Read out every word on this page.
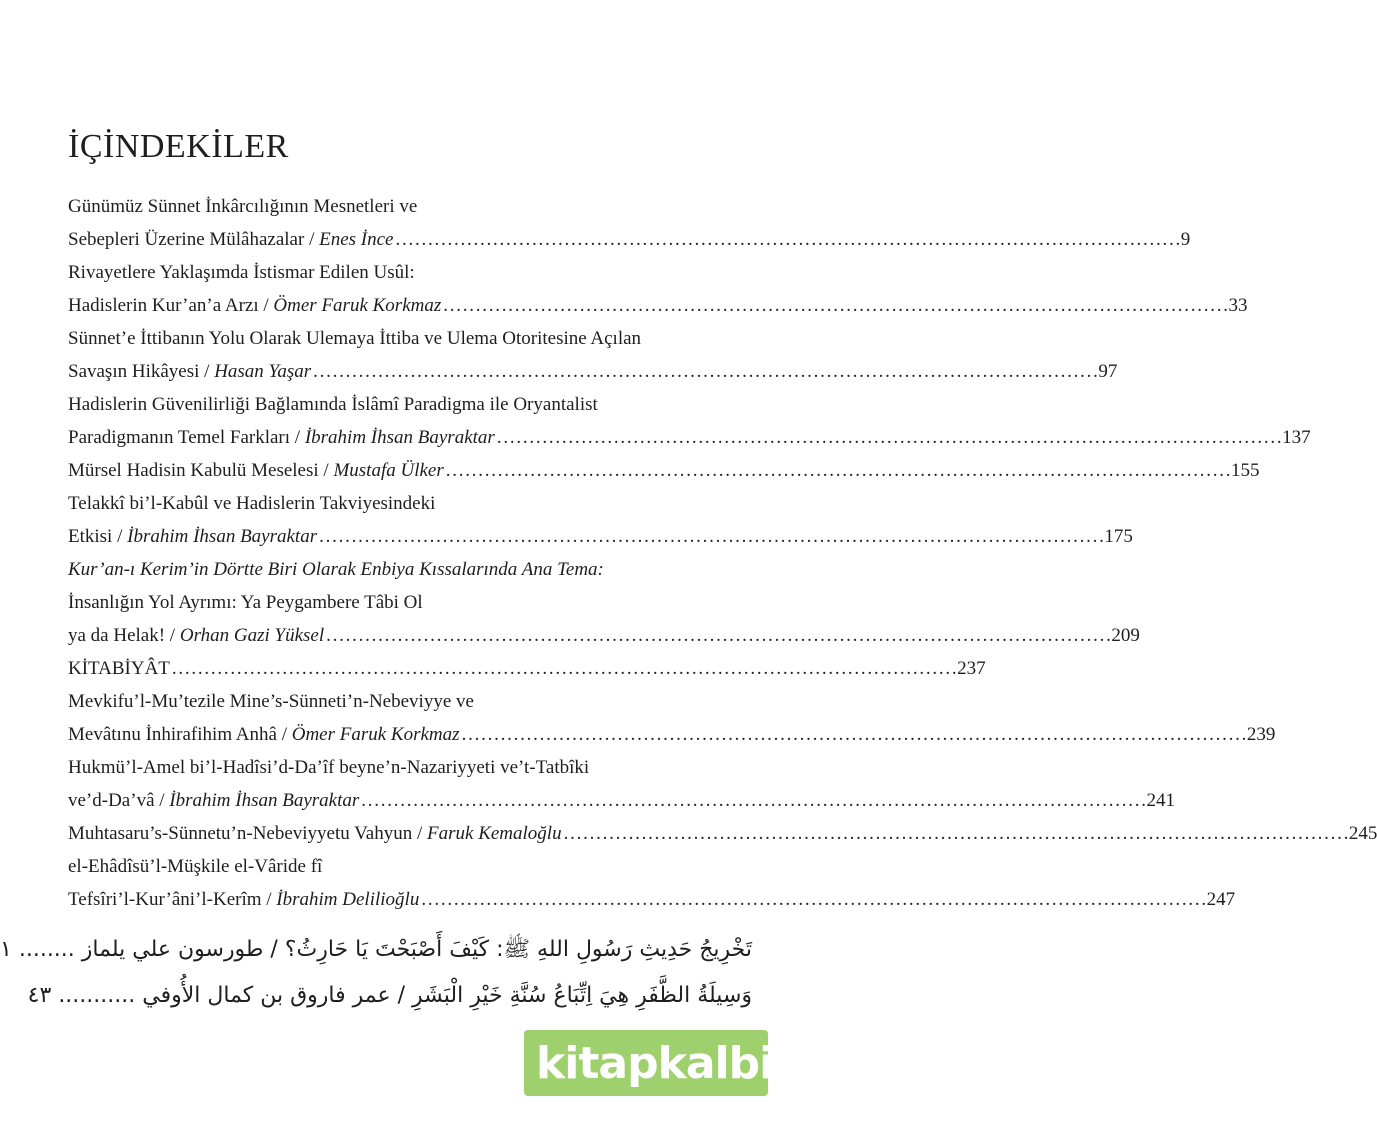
İÇİNDEKİLER
Günümüz Sünnet İnkârcılığının Mesnetleri ve
Sebepleri Üzerine Mülâhazalar / Enes İnce . . .	9
Rivayetlere Yaklaşımda İstismar Edilen Usûl:
Hadislerin Kur’an’a Arzı / Ömer Faruk Korkmaz . . .	33
Sünnet’e İttibanın Yolu Olarak Ulemaya İttiba ve Ulema Otoritesine Açılan
Savaşın Hikâyesi / Hasan Yaşar . . .	97
Hadislerin Güvenilirliği Bağlamında İslâmî Paradigma ile Oryantalist
Paradigmanın Temel Farkları / İbrahim İhsan Bayraktar . . .	137
Mürsel Hadisin Kabulü Meselesi / Mustafa Ülker . . .	155
Telakkî bi’l-Kabûl ve Hadislerin Takviyesindeki
Etkisi / İbrahim İhsan Bayraktar . . .	175
Kur’an-ı Kerim’in Dörtte Biri Olarak Enbiya Kıssalarında Ana Tema:
İnsanlığın Yol Ayrımı: Ya Peygambere Tâbi Ol
ya da Helak! / Orhan Gazi Yüksel . . .	209
KİTABİYÂT . . .	237
Mevkifu’l-Mu’tezile Mine’s-Sünneti’n-Nebeviyye ve
Mevâtınu İnhirafihim Anhâ / Ömer Faruk Korkmaz . . .	239
Hukmü’l-Amel bi’l-Hadîsi’d-Da’îf beyne’n-Nazariyyeti ve’t-Tatbîki
ve’d-Da’vâ / İbrahim İhsan Bayraktar . . .	241
Muhtasaru’s-Sünnetu’n-Nebeviyyetu Vahyun / Faruk Kemaloğlu . . .	245
el-Ehâdîsü’l-Müşkile el-Vâride fî
Tefsîri’l-Kur’âni’l-Kerîm / İbrahim Delilioğlu . . .	247
تَخْرِيجُ حَدِيثِ رَسُولِ اللهِ ﷺ: كَيْفَ أَصْبَحْتَ يَا حَارِثُ؟ / طورسون علي يلماز ........ ١
وَسِيلَةُ الظَّفَرِ هِيَ اِتِّبَاعُ سُنَّةِ خَيْرِ الْبَشَرِ / عمر فاروق بن كمال الأُوفي ........... ٤٣
kitapkalbi .com
